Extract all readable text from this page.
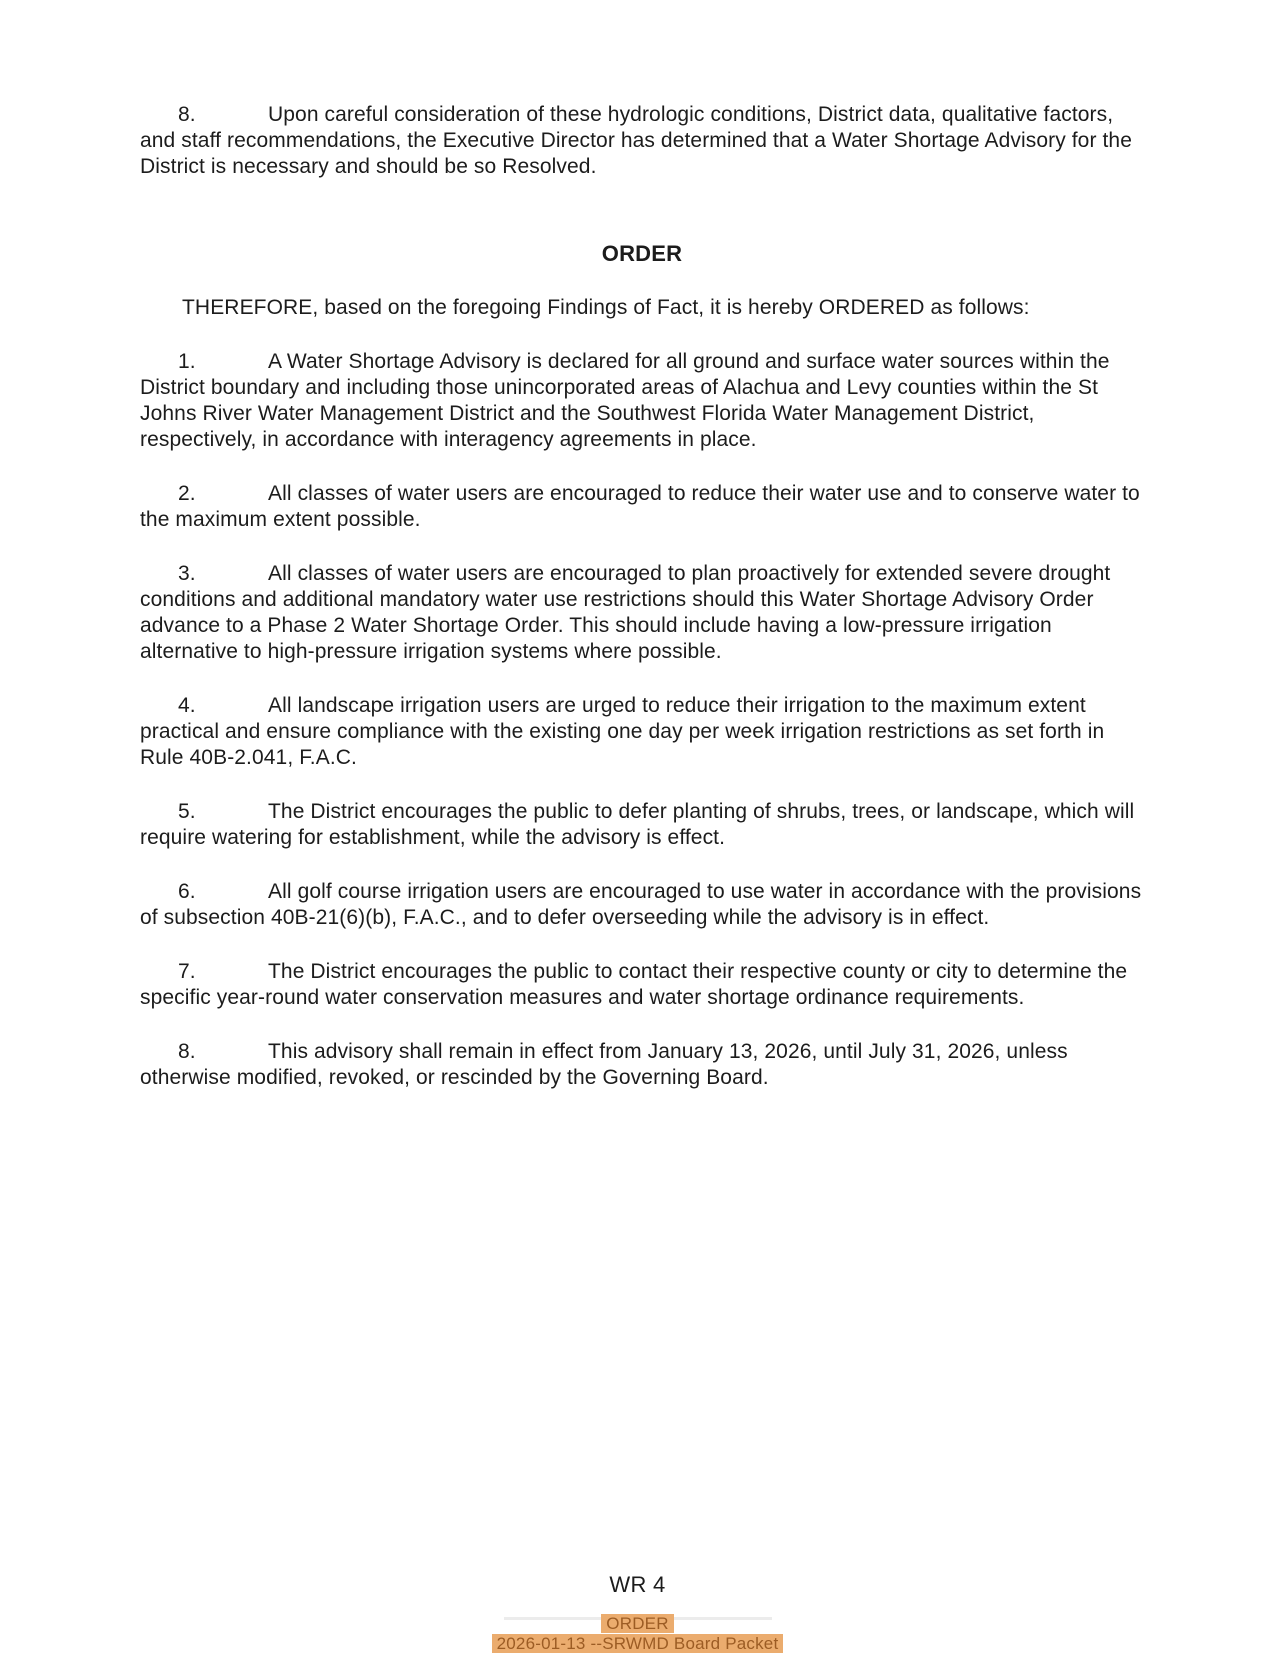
8.	Upon careful consideration of these hydrologic conditions, District data, qualitative factors, and staff recommendations, the Executive Director has determined that a Water Shortage Advisory for the District is necessary and should be so Resolved.

ORDER

THEREFORE, based on the foregoing Findings of Fact, it is hereby ORDERED as follows:

1.	A Water Shortage Advisory is declared for all ground and surface water sources within the District boundary and including those unincorporated areas of Alachua and Levy counties within the St Johns River Water Management District and the Southwest Florida Water Management District, respectively, in accordance with interagency agreements in place.

2.	All classes of water users are encouraged to reduce their water use and to conserve water to the maximum extent possible.

3.	All classes of water users are encouraged to plan proactively for extended severe drought conditions and additional mandatory water use restrictions should this Water Shortage Advisory Order advance to a Phase 2 Water Shortage Order. This should include having a low-pressure irrigation alternative to high-pressure irrigation systems where possible.

4.	All landscape irrigation users are urged to reduce their irrigation to the maximum extent practical and ensure compliance with the existing one day per week irrigation restrictions as set forth in Rule 40B-2.041, F.A.C.

5.	The District encourages the public to defer planting of shrubs, trees, or landscape, which will require watering for establishment, while the advisory is effect.

6.	All golf course irrigation users are encouraged to use water in accordance with the provisions of subsection 40B-21(6)(b), F.A.C., and to defer overseeding while the advisory is in effect.

7.	The District encourages the public to contact their respective county or city to determine the specific year-round water conservation measures and water shortage ordinance requirements.

8.	This advisory shall remain in effect from January 13, 2026, until July 31, 2026, unless otherwise modified, revoked, or rescinded by the Governing Board.

WR 4
ORDER
2026-01-13 --SRWMD Board Packet
